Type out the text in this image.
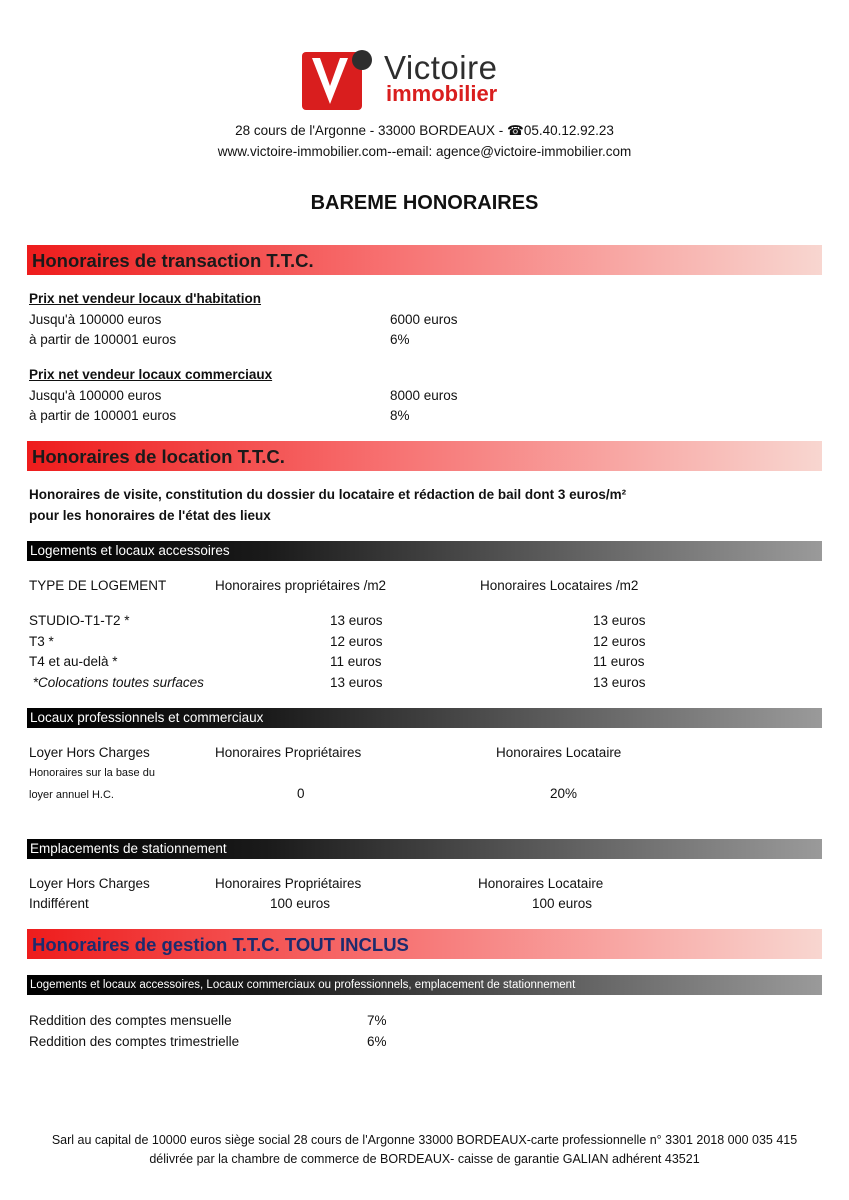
Victoire
immobilier
28 cours de l'Argonne - 33000 BORDEAUX - ☎05.40.12.92.23
www.victoire-immobilier.com--email: agence@victoire-immobilier.com
BAREME HONORAIRES
Honoraires de transaction T.T.C.
Prix net vendeur locaux d'habitation
Jusqu'à 100000 euros	6000 euros
à partir de 100001 euros	6%
Prix net vendeur locaux commerciaux
Jusqu'à 100000 euros	8000 euros
à partir de 100001 euros	8%
Honoraires de location T.T.C.
Honoraires de visite, constitution du dossier du locataire et rédaction de bail dont 3 euros/m²
pour les honoraires de l'état des lieux
Logements et locaux accessoires
TYPE DE LOGEMENT	Honoraires propriétaires /m2	Honoraires Locataires /m2
STUDIO-T1-T2 *	13 euros	13 euros
T3 *	12 euros	12 euros
T4 et au-delà *	11 euros	11 euros
*Colocations toutes surfaces	13 euros	13 euros
Locaux professionnels et commerciaux
Loyer Hors Charges	Honoraires Propriétaires	Honoraires Locataire
Honoraires sur la base du
loyer annuel H.C.	0	20%
Emplacements de stationnement
Loyer Hors Charges	Honoraires Propriétaires	Honoraires Locataire
Indifférent	100 euros	100 euros
Honoraires de gestion T.T.C. TOUT INCLUS
Logements et locaux accessoires, Locaux commerciaux ou professionnels, emplacement de stationnement
Reddition des comptes mensuelle	7%
Reddition des comptes trimestrielle	6%
Sarl au capital de 10000 euros siège social 28 cours de l'Argonne 33000 BORDEAUX-carte professionnelle n° 3301 2018 000 035 415
délivrée par la chambre de commerce de BORDEAUX- caisse de garantie GALIAN adhérent 43521
